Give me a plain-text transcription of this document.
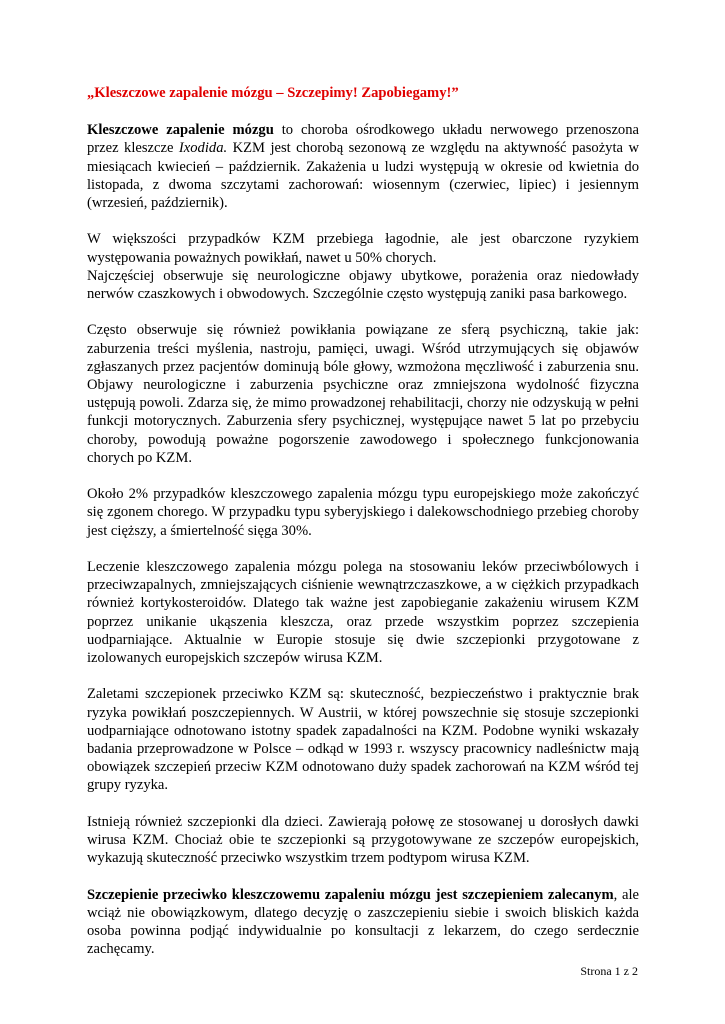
„Kleszczowe zapalenie mózgu – Szczepimy! Zapobiegamy!”

Kleszczowe zapalenie mózgu to choroba ośrodkowego układu nerwowego przenoszona przez kleszcze Ixodida. KZM jest chorobą sezonową ze względu na aktywność pasożyta w miesiącach kwiecień – październik. Zakażenia u ludzi występują w okresie od kwietnia do listopada, z dwoma szczytami zachorowań: wiosennym (czerwiec, lipiec) i jesiennym (wrzesień, październik).

W większości przypadków KZM przebiega łagodnie, ale jest obarczone ryzykiem występowania poważnych powikłań, nawet u 50% chorych.

Najczęściej obserwuje się neurologiczne objawy ubytkowe, porażenia oraz niedowłady nerwów czaszkowych i obwodowych. Szczególnie często występują zaniki pasa barkowego.

Często obserwuje się również powikłania powiązane ze sferą psychiczną, takie jak: zaburzenia treści myślenia, nastroju, pamięci, uwagi. Wśród utrzymujących się objawów zgłaszanych przez pacjentów dominują bóle głowy, wzmożona męczliwość i zaburzenia snu. Objawy neurologiczne i zaburzenia psychiczne oraz zmniejszona wydolność fizyczna ustępują powoli. Zdarza się, że mimo prowadzonej rehabilitacji, chorzy nie odzyskują w pełni funkcji motorycznych. Zaburzenia sfery psychicznej, występujące nawet 5 lat po przebyciu choroby, powodują poważne pogorszenie zawodowego i społecznego funkcjonowania chorych po KZM.

Około 2% przypadków kleszczowego zapalenia mózgu typu europejskiego może zakończyć się zgonem chorego. W przypadku typu syberyjskiego i dalekowschodniego przebieg choroby jest cięższy, a śmiertelność sięga 30%.

Leczenie kleszczowego zapalenia mózgu polega na stosowaniu leków przeciwbólowych i przeciwzapalnych, zmniejszających ciśnienie wewnątrzczaszkowe, a w ciężkich przypadkach również kortykosteroidów. Dlatego tak ważne jest zapobieganie zakażeniu wirusem KZM poprzez unikanie ukąszenia kleszcza, oraz przede wszystkim poprzez szczepienia uodparniające. Aktualnie w Europie stosuje się dwie szczepionki przygotowane z izolowanych europejskich szczepów wirusa KZM.

Zaletami szczepionek przeciwko KZM są: skuteczność, bezpieczeństwo i praktycznie brak ryzyka powikłań poszczepiennych. W Austrii, w której powszechnie się stosuje szczepionki uodparniające odnotowano istotny spadek zapadalności na KZM. Podobne wyniki wskazały badania przeprowadzone w Polsce – odkąd w 1993 r. wszyscy pracownicy nadleśnictw mają obowiązek szczepień przeciw KZM odnotowano duży spadek zachorowań na KZM wśród tej grupy ryzyka.

Istnieją również szczepionki dla dzieci. Zawierają połowę ze stosowanej u dorosłych dawki wirusa KZM. Chociaż obie te szczepionki są przygotowywane ze szczepów europejskich, wykazują skuteczność przeciwko wszystkim trzem podtypom wirusa KZM.

Szczepienie przeciwko kleszczowemu zapaleniu mózgu jest szczepieniem zalecanym, ale wciąż nie obowiązkowym, dlatego decyzję o zaszczepieniu siebie i swoich bliskich każda osoba powinna podjąć indywidualnie po konsultacji z lekarzem, do czego serdecznie zachęcamy.

Strona 1 z 2
